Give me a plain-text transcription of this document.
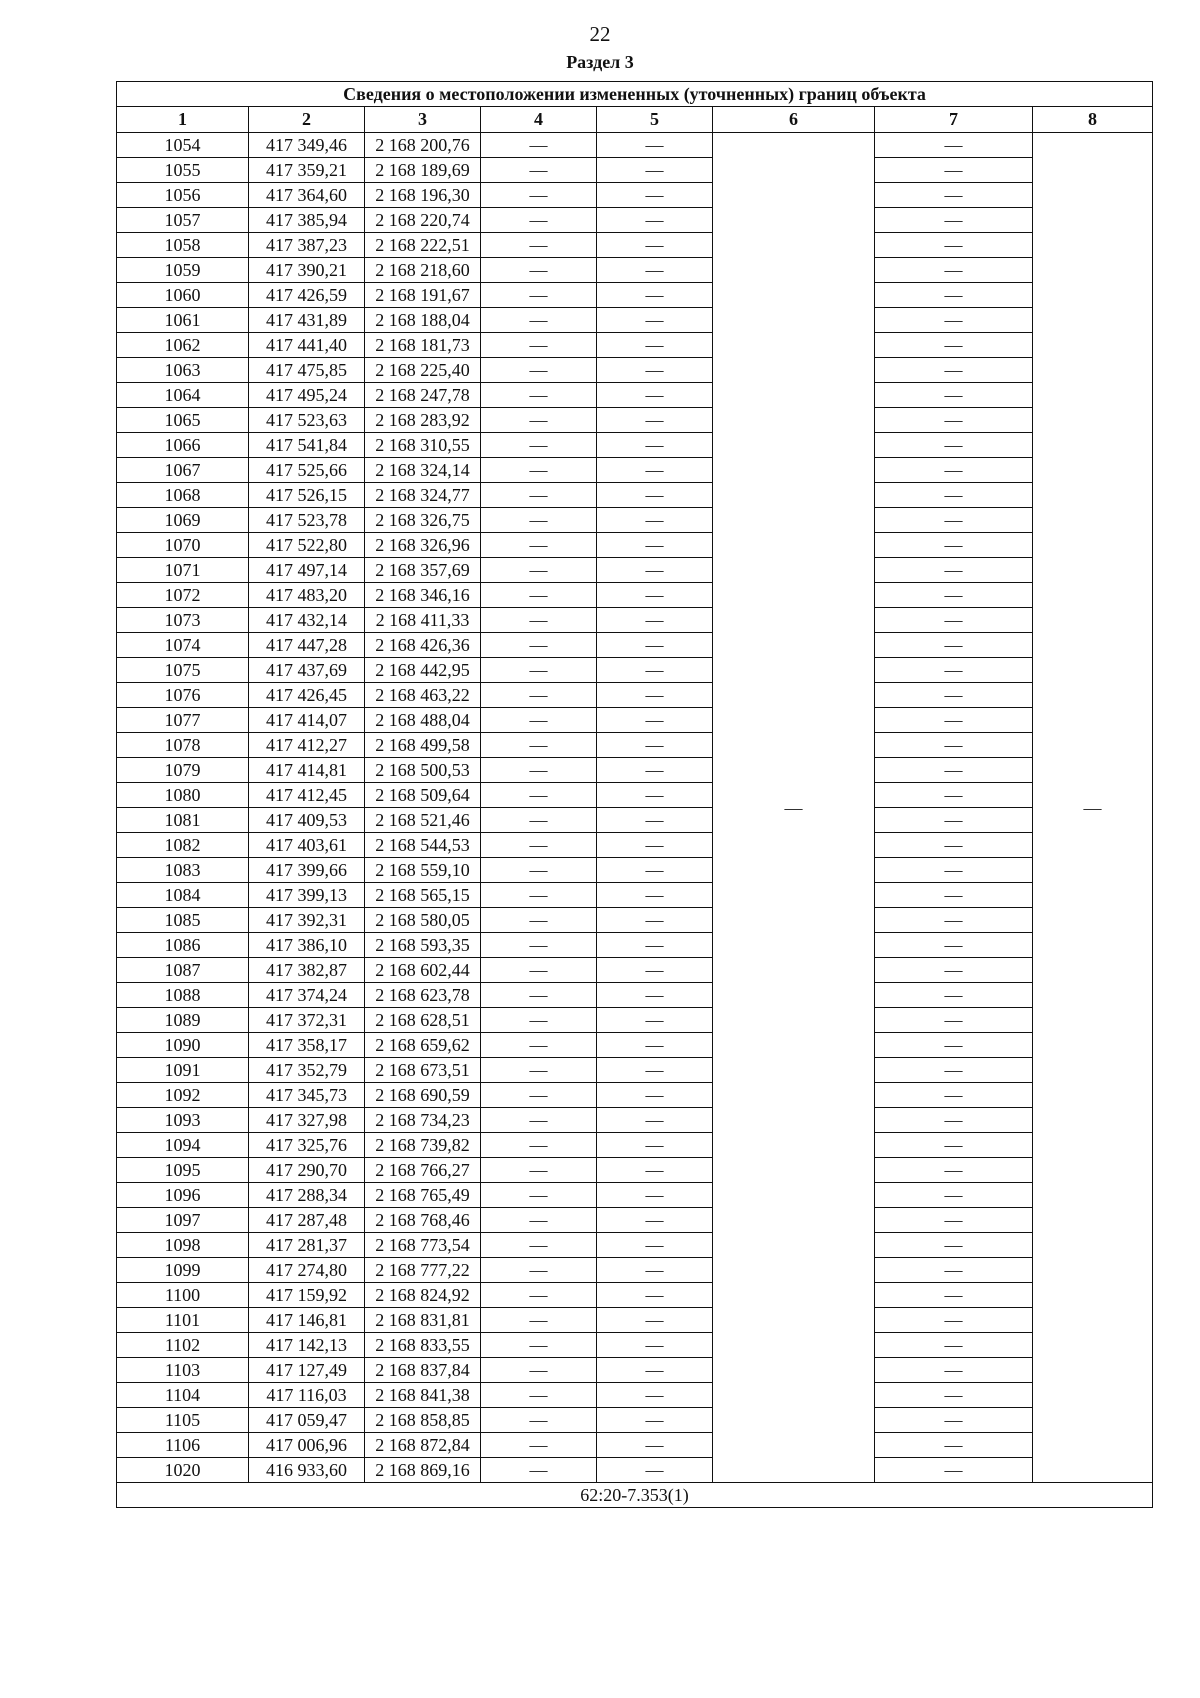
22
Раздел 3
Сведения о местоположении измененных (уточненных) границ объекта							
1	2	3	4	5	6	7	8
1054	417 349,46	2 168 200,76	—	—	—	—	—
1055	417 359,21	2 168 189,69	—	—		—	
1056	417 364,60	2 168 196,30	—	—		—	
1057	417 385,94	2 168 220,74	—	—		—	
1058	417 387,23	2 168 222,51	—	—		—	
1059	417 390,21	2 168 218,60	—	—		—	
1060	417 426,59	2 168 191,67	—	—		—	
1061	417 431,89	2 168 188,04	—	—		—	
1062	417 441,40	2 168 181,73	—	—		—	
1063	417 475,85	2 168 225,40	—	—		—	
1064	417 495,24	2 168 247,78	—	—		—	
1065	417 523,63	2 168 283,92	—	—		—	
1066	417 541,84	2 168 310,55	—	—		—	
1067	417 525,66	2 168 324,14	—	—		—	
1068	417 526,15	2 168 324,77	—	—		—	
1069	417 523,78	2 168 326,75	—	—		—	
1070	417 522,80	2 168 326,96	—	—		—	
1071	417 497,14	2 168 357,69	—	—		—	
1072	417 483,20	2 168 346,16	—	—		—	
1073	417 432,14	2 168 411,33	—	—		—	
1074	417 447,28	2 168 426,36	—	—		—	
1075	417 437,69	2 168 442,95	—	—		—	
1076	417 426,45	2 168 463,22	—	—		—	
1077	417 414,07	2 168 488,04	—	—		—	
1078	417 412,27	2 168 499,58	—	—		—	
1079	417 414,81	2 168 500,53	—	—		—	
1080	417 412,45	2 168 509,64	—	—		—	
1081	417 409,53	2 168 521,46	—	—		—	
1082	417 403,61	2 168 544,53	—	—		—	
1083	417 399,66	2 168 559,10	—	—		—	
1084	417 399,13	2 168 565,15	—	—		—	
1085	417 392,31	2 168 580,05	—	—		—	
1086	417 386,10	2 168 593,35	—	—		—	
1087	417 382,87	2 168 602,44	—	—		—	
1088	417 374,24	2 168 623,78	—	—		—	
1089	417 372,31	2 168 628,51	—	—		—	
1090	417 358,17	2 168 659,62	—	—		—	
1091	417 352,79	2 168 673,51	—	—		—	
1092	417 345,73	2 168 690,59	—	—		—	
1093	417 327,98	2 168 734,23	—	—		—	
1094	417 325,76	2 168 739,82	—	—		—	
1095	417 290,70	2 168 766,27	—	—		—	
1096	417 288,34	2 168 765,49	—	—		—	
1097	417 287,48	2 168 768,46	—	—		—	
1098	417 281,37	2 168 773,54	—	—		—	
1099	417 274,80	2 168 777,22	—	—		—	
1100	417 159,92	2 168 824,92	—	—		—	
1101	417 146,81	2 168 831,81	—	—		—	
1102	417 142,13	2 168 833,55	—	—		—	
1103	417 127,49	2 168 837,84	—	—		—	
1104	417 116,03	2 168 841,38	—	—		—	
1105	417 059,47	2 168 858,85	—	—		—	
1106	417 006,96	2 168 872,84	—	—		—	
1020	416 933,60	2 168 869,16	—	—		—	
62:20-7.353(1)							
